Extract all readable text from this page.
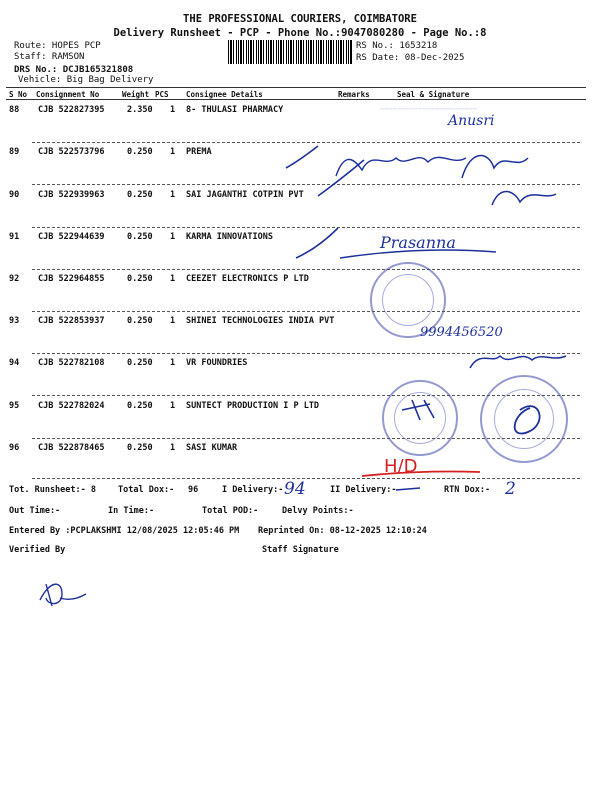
THE PROFESSIONAL COURIERS, COIMBATORE
Delivery Runsheet - PCP - Phone No.:9047080280 - Page No.:8
Route: HOPES PCP
Staff: RAMSON
DRS No.: DCJB165321808
Vehicle: Big Bag Delivery
RS No.: 1653218
RS Date: 08-Dec-2025
S No Consignment No	Weight PCS Consignee Details	Remarks	Seal & Signature
88 CJB 522827395	2.350 1 8- THULASI PHARMACY
89 CJB 522573796	0.250 1 PREMA
90 CJB 522939963	0.250 1 SAI JAGANTHI COTPIN PVT
91 CJB 522944639	0.250 1 KARMA INNOVATIONS
92 CJB 522964855	0.250 1 CEEZET ELECTRONICS P LTD
93 CJB 522853937	0.250 1 SHINEI TECHNOLOGIES INDIA PVT
94 CJB 522782108	0.250 1 VR FOUNDRIES
95 CJB 522782024	0.250 1 SUNTECT PRODUCTION I P LTD
96 CJB 522878465	0.250 1 SASI KUMAR
~~~~~~~~~~~~~~~~~~~~~~~
Anusri
Prasanna
9994456520
H/D
94	2
Tot. Runsheet:- 8	Total Dox:- 96	I Delivery:-	II Delivery:-	RTN Dox:-
Out Time:-	In Time:-	Total POD:-	Delvy Points:-
Entered By :PCPLAKSHMI 12/08/2025 12:05:46 PM Reprinted On: 08-12-2025 12:10:24
Verified By	Staff Signature
